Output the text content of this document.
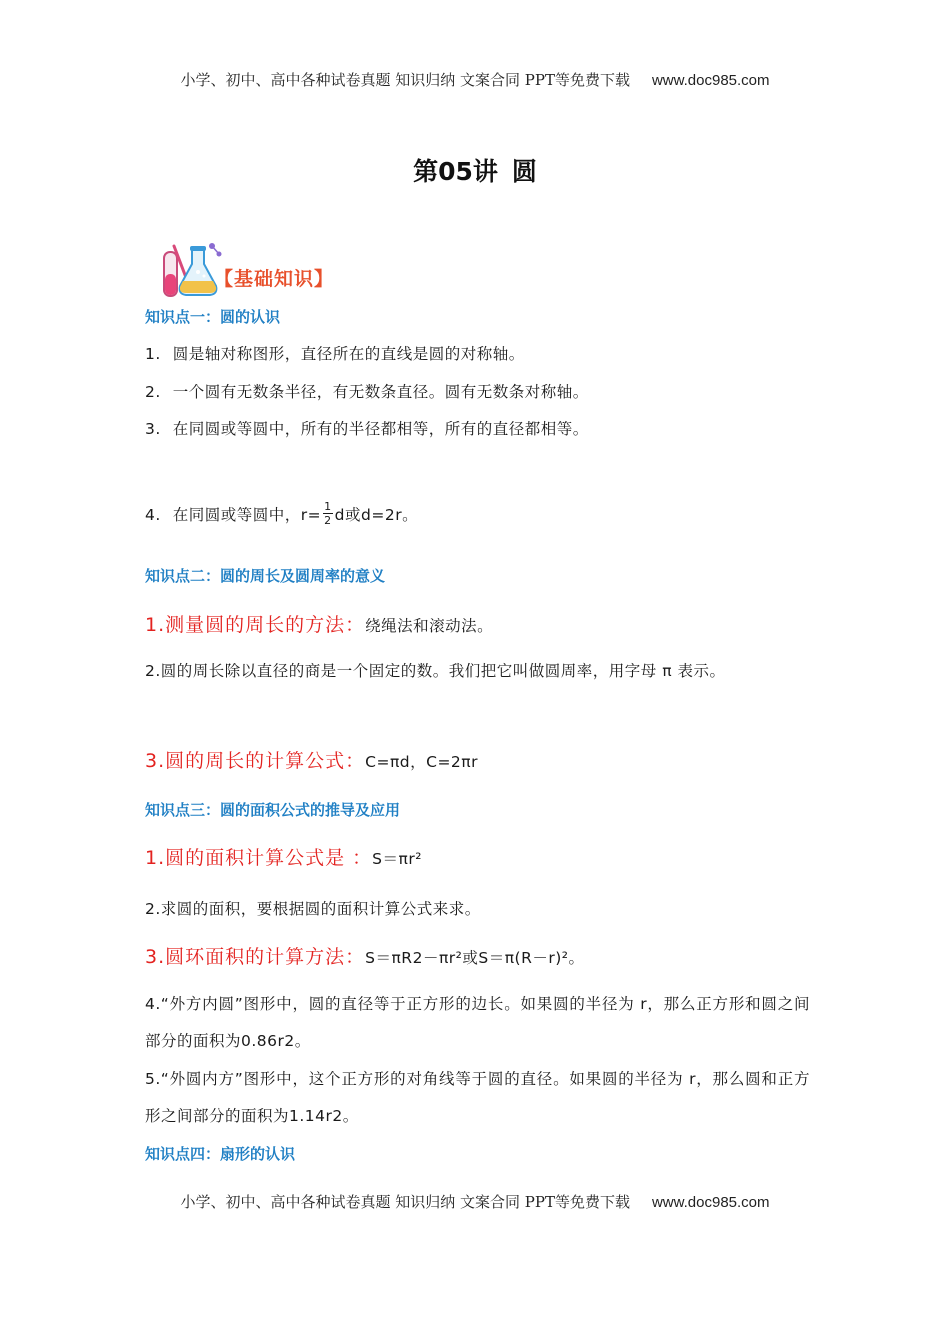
小学、初中、高中各种试卷真题 知识归纳 文案合同 PPT等免费下载 www.doc985.com
第05讲 圆
【基础知识】
知识点一：圆的认识
1. 圆是轴对称图形，直径所在的直线是圆的对称轴。
2. 一个圆有无数条半径，有无数条直径。圆有无数条对称轴。
3. 在同圆或等圆中，所有的半径都相等，所有的直径都相等。
4. 在同圆或等圆中，$r= \frac{1}{2}$ d或d=2r。
知识点二：圆的周长及圆周率的意义
1.测量圆的周长的方法：绕绳法和滚动法。
2.圆的周长除以直径的商是一个固定的数。我们把它叫做圆周率，用字母 π 表示。
3.圆的周长的计算公式：C=πd，C=2πr
知识点三：圆的面积公式的推导及应用
1.圆的面积计算公式是 ：S＝πr²
2.求圆的面积，要根据圆的面积计算公式来求。
3.圆环面积的计算方法：S＝πR2－πr²或S＝π(R－r)²。
4.“外方内圆”图形中，圆的直径等于正方形的边长。如果圆的半径为 r，那么正方形和圆之间部分的面积为0.86r2。
5.“外圆内方”图形中，这个正方形的对角线等于圆的直径。如果圆的半径为 r，那么圆和正方形之间部分的面积为1.14r2。
知识点四：扇形的认识
小学、初中、高中各种试卷真题 知识归纳 文案合同 PPT等免费下载 www.doc985.com
